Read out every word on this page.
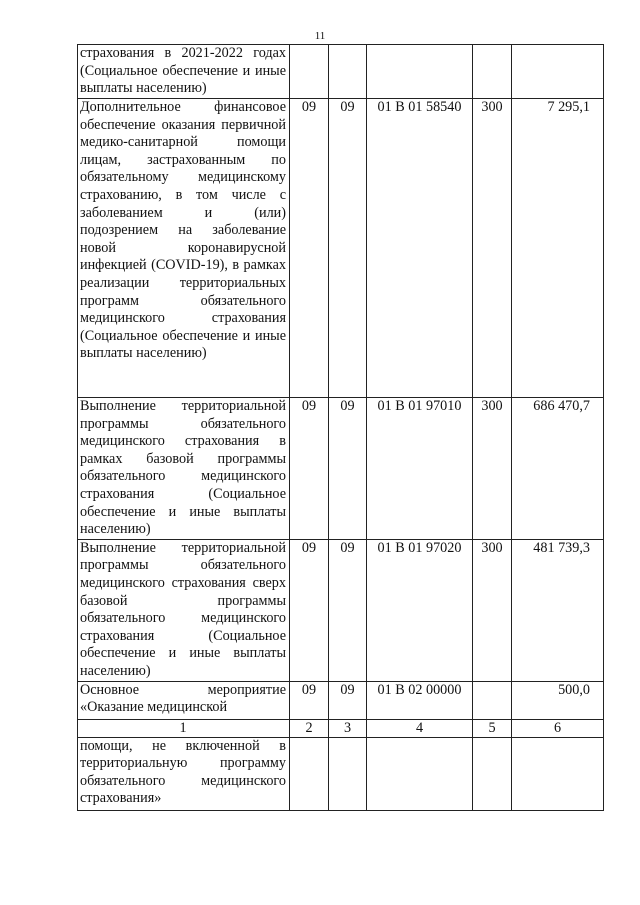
11
страхования в 2021-2022 годах (Социальное обеспечение и иные выплаты населению)					
Дополнительное финансовое обеспечение оказания первичной медико-санитарной помощи лицам, застрахованным по обязательному медицинскому страхованию, в том числе с заболеванием и (или) подозрением на заболевание новой коронавирусной инфекцией (COVID-19), в рамках реализации территориальных программ обязательного медицинского страхования (Социальное обеспечение и иные выплаты населению)	09	09	01 В 01 58540	300	7 295,1
Выполнение территориальной программы обязательного медицинского страхования в рамках базовой программы обязательного медицинского страхования (Социальное обеспечение и иные выплаты населению)	09	09	01 В 01 97010	300	686 470,7
Выполнение территориальной программы обязательного медицинского страхования сверх базовой программы обязательного медицинского страхования (Социальное обеспечение и иные выплаты населению)	09	09	01 В 01 97020	300	481 739,3
Основное мероприятие «Оказание медицинской	09	09	01 В 02 00000		500,0
1	2	3	4	5	6
помощи, не включенной в территориальную программу обязательного медицинского страхования»					
